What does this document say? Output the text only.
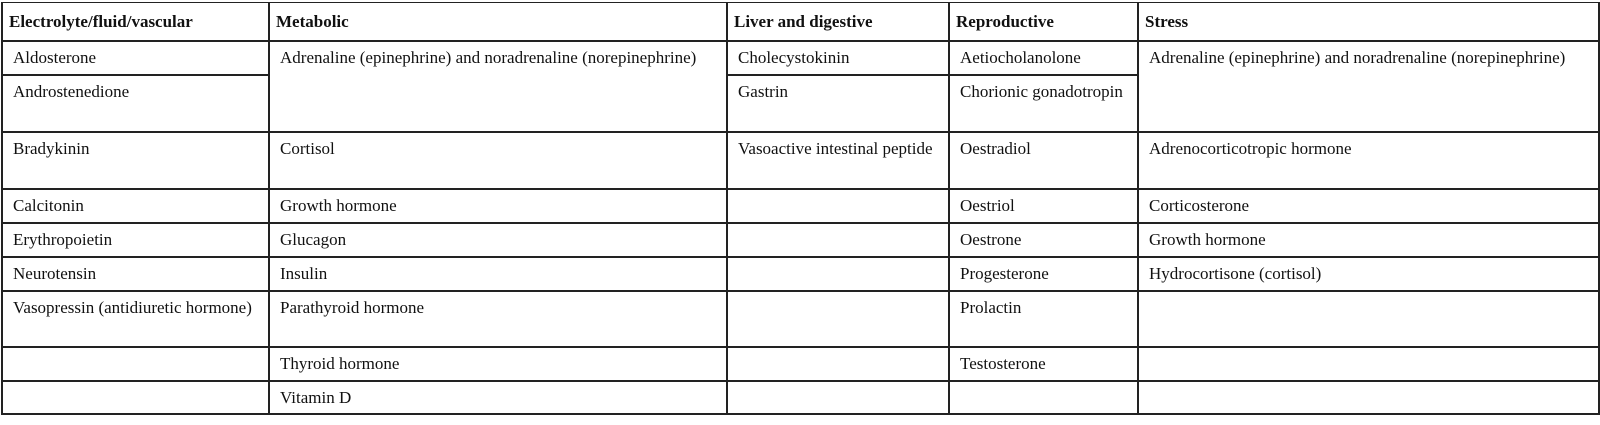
Electrolyte/fluid/vascular	Metabolic	Liver and digestive	Reproductive	Stress

Aldosterone	Adrenaline (epinephrine) and noradrenaline (norepinephrine)	Cholecystokinin	Aetiocholanolone	Adrenaline (epinephrine) and noradrenaline (norepinephrine)

Androstenedione		Gastrin	Chorionic gonadotropin	

Bradykinin	Cortisol	Vasoactive intestinal peptide	Oestradiol	Adrenocorticotropic hormone

Calcitonin	Growth hormone		Oestriol	Corticosterone

Erythropoietin	Glucagon		Oestrone	Growth hormone

Neurotensin	Insulin		Progesterone	Hydrocortisone (cortisol)

Vasopressin (antidiuretic hormone)	Parathyroid hormone		Prolactin	

	Thyroid hormone		Testosterone	

	Vitamin D			
